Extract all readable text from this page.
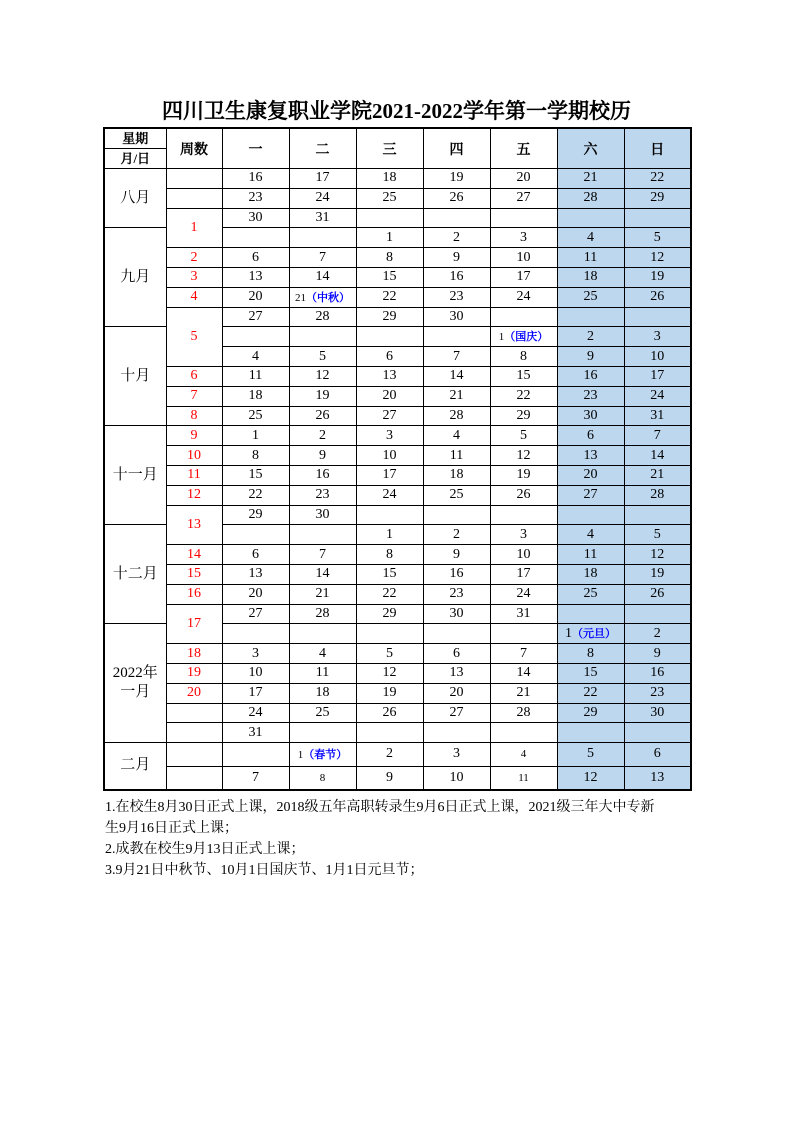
四川卫生康复职业学院2021-2022学年第一学期校历
星期
月/日	周数	一	二	三	四	五	六	日
八月		16	17	18	19	20	21	22
		23	24	25	26	27	28	29
	1	30	31					
九月				1	2	3	4	5
	2	6	7	8	9	10	11	12
	3	13	14	15	16	17	18	19
	4	20	21（中秋）	22	23	24	25	26
	5	27	28	29	30			
十月						1（国庆）	2	3
		4	5	6	7	8	9	10
	6	11	12	13	14	15	16	17
	7	18	19	20	21	22	23	24
	8	25	26	27	28	29	30	31
十一月	9	1	2	3	4	5	6	7
	10	8	9	10	11	12	13	14
	11	15	16	17	18	19	20	21
	12	22	23	24	25	26	27	28
	13	29	30					
十二月				1	2	3	4	5
	14	6	7	8	9	10	11	12
	15	13	14	15	16	17	18	19
	16	20	21	22	23	24	25	26
	17	27	28	29	30	31		
2022年
一月							1（元旦）	2
	18	3	4	5	6	7	8	9
	19	10	11	12	13	14	15	16
	20	17	18	19	20	21	22	23
		24	25	26	27	28	29	30
		31						
二月			1（春节）	2	3	4	5	6
		7	8	9	10	11	12	13

1.在校生8月30日正式上课，2018级五年高职转录生9月6日正式上课，2021级三年大中专新
生9月16日正式上课；

2.成教在校生9月13日正式上课；

3.9月21日中秋节、10月1日国庆节、1月1日元旦节；
